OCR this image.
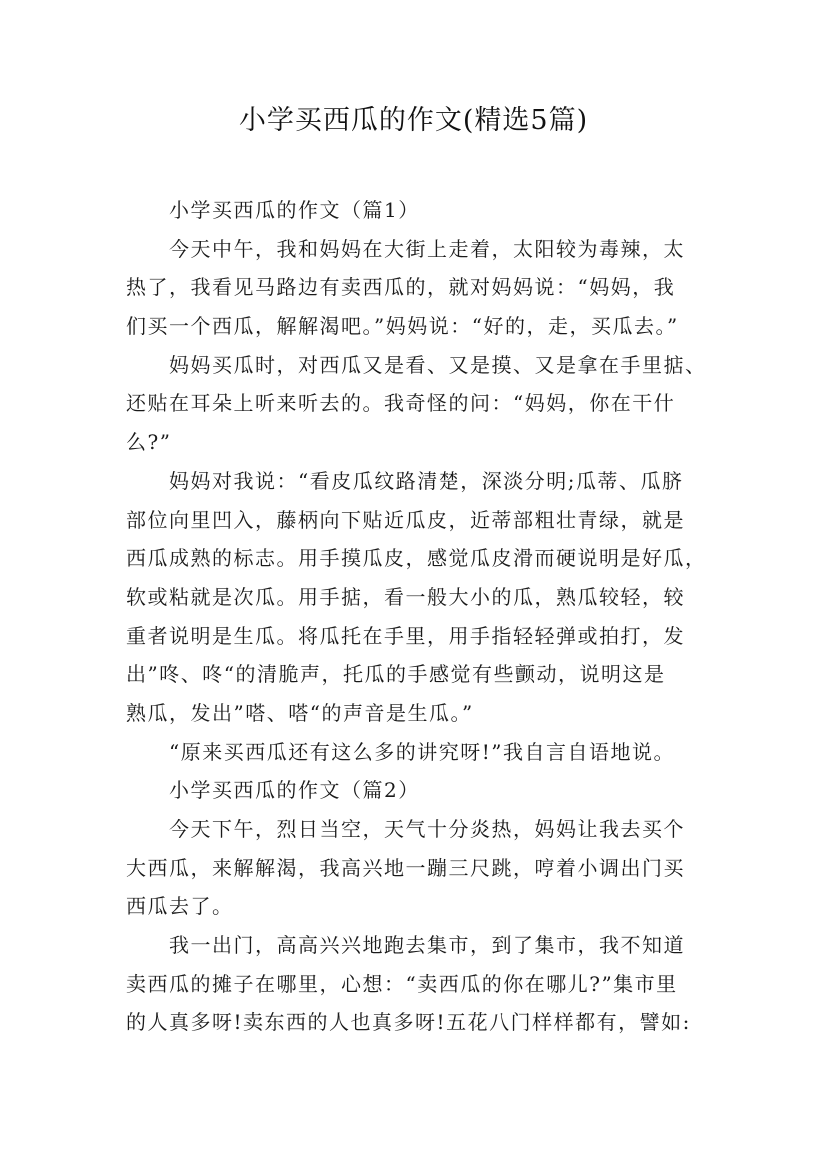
小学买西瓜的作文(精选5篇)
　　小学买西瓜的作文（篇1）
　　今天中午，我和妈妈在大街上走着，太阳较为毒辣，太
热了，我看见马路边有卖西瓜的，就对妈妈说：“妈妈，我
们买一个西瓜，解解渴吧。”妈妈说：“好的，走，买瓜去。”
　　妈妈买瓜时，对西瓜又是看、又是摸、又是拿在手里掂、
还贴在耳朵上听来听去的。我奇怪的问：“妈妈，你在干什
么?”
　　妈妈对我说：“看皮瓜纹路清楚，深淡分明;瓜蒂、瓜脐
部位向里凹入，藤柄向下贴近瓜皮，近蒂部粗壮青绿，就是
西瓜成熟的标志。用手摸瓜皮，感觉瓜皮滑而硬说明是好瓜，
软或粘就是次瓜。用手掂，看一般大小的瓜，熟瓜较轻，较
重者说明是生瓜。将瓜托在手里，用手指轻轻弹或拍打，发
出”咚、咚“的清脆声，托瓜的手感觉有些颤动，说明这是
熟瓜，发出”嗒、嗒“的声音是生瓜。”
　　“原来买西瓜还有这么多的讲究呀!”我自言自语地说。
　　小学买西瓜的作文（篇2）
　　今天下午，烈日当空，天气十分炎热，妈妈让我去买个
大西瓜，来解解渴，我高兴地一蹦三尺跳，哼着小调出门买
西瓜去了。
　　我一出门，高高兴兴地跑去集市，到了集市，我不知道
卖西瓜的摊子在哪里，心想：“卖西瓜的你在哪儿?”集市里
的人真多呀!卖东西的人也真多呀!五花八门样样都有，譬如:
